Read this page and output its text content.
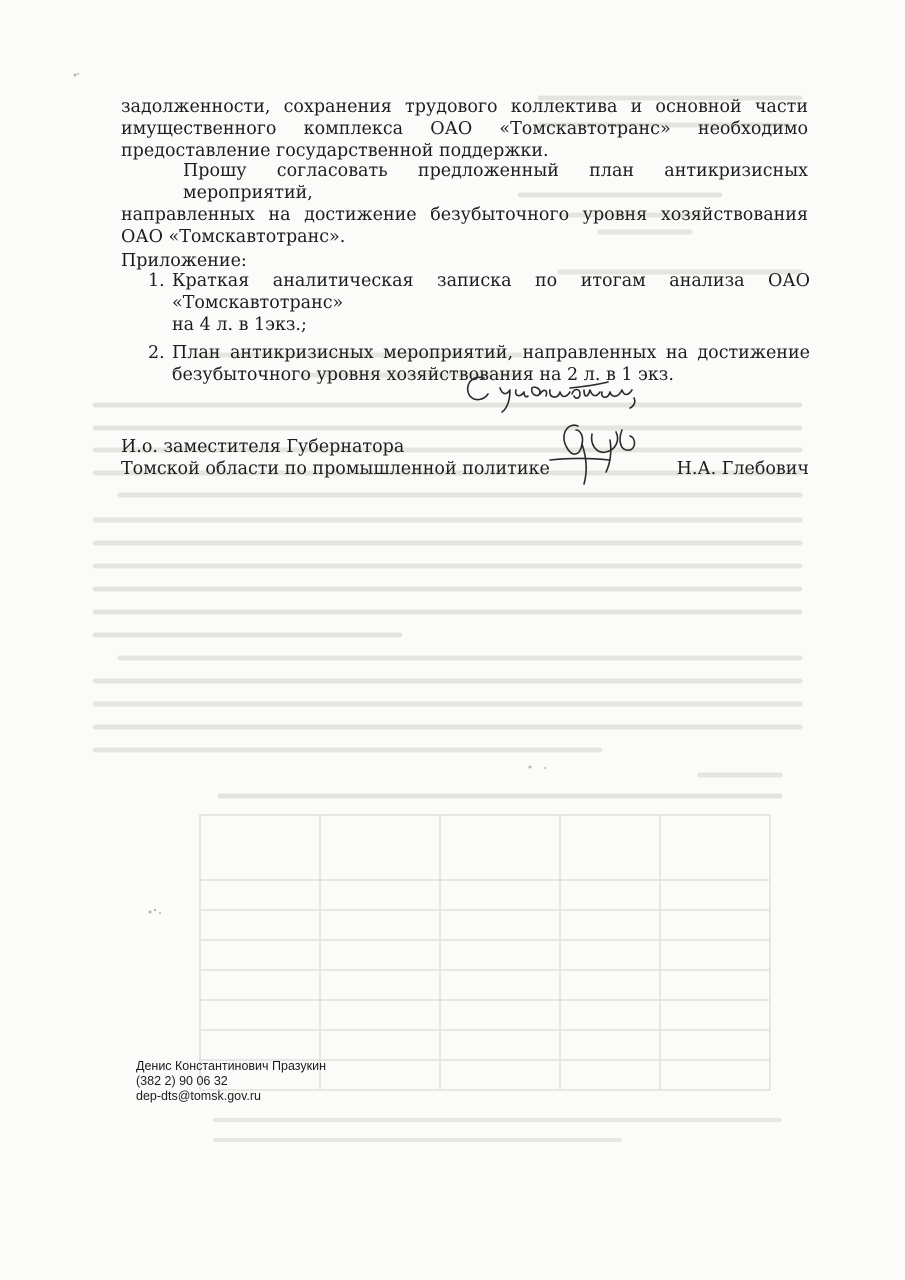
задолженности, сохранения трудового коллектива и основной части
имущественного комплекса ОАО «Томскавтотранс» необходимо
предоставление государственной поддержки.
Прошу согласовать предложенный план антикризисных мероприятий,
направленных на достижение безубыточного уровня хозяйствования
ОАО «Томскавтотранс».
Приложение:
1. Краткая аналитическая записка по итогам анализа ОАО «Томскавтотранс»
на 4 л. в 1экз.;
2. План антикризисных мероприятий, направленных на достижение
безубыточного уровня хозяйствования на 2 л. в 1 экз.
И.о. заместителя Губернатора
Томской области по промышленной политике	Н.А. Глебович
Денис Константинович Празукин
(382 2) 90 06 32
dep-dts@tomsk.gov.ru
